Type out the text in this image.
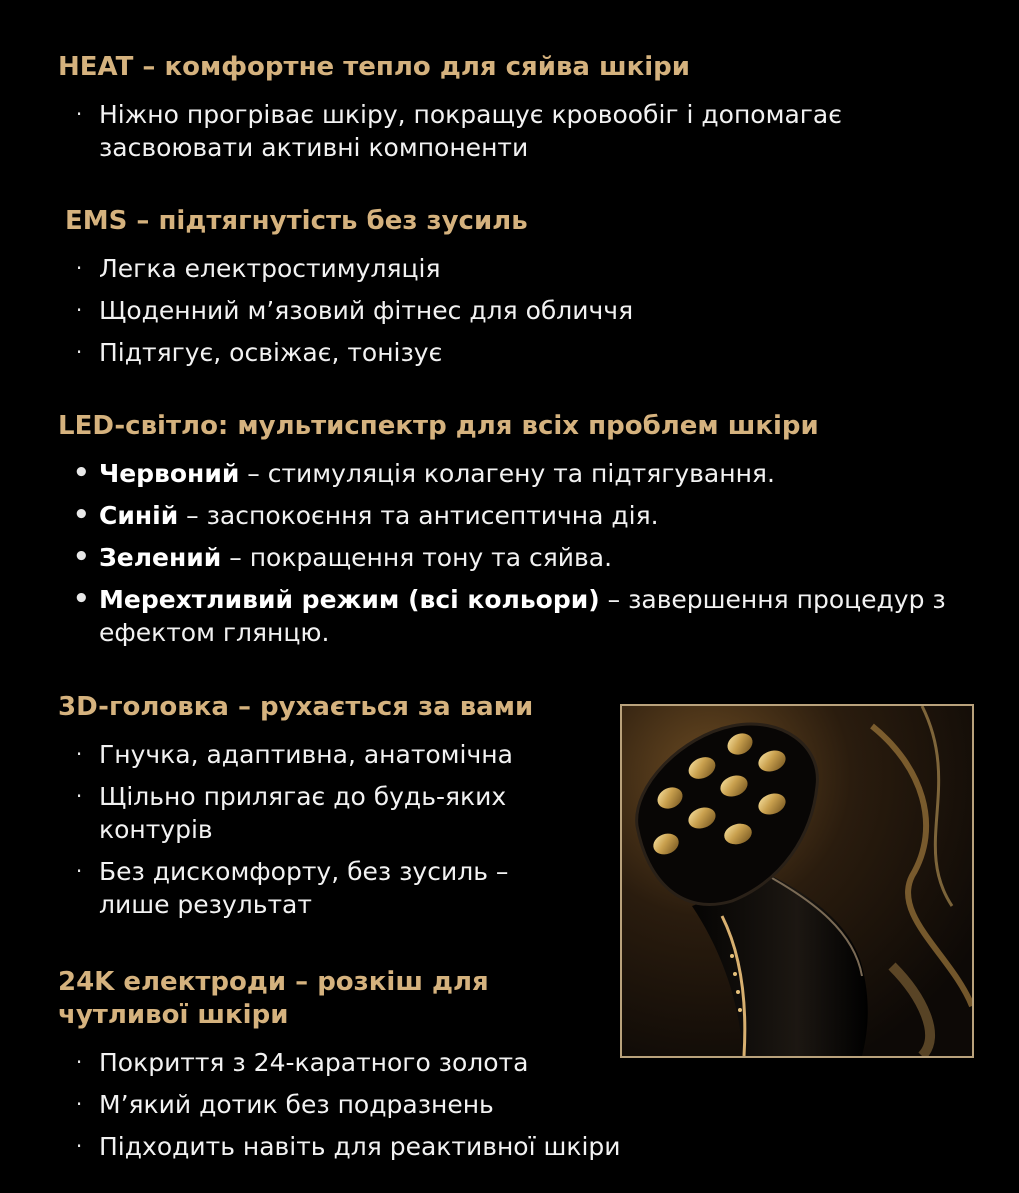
HEAT – комфортне тепло для сяйва шкіри
· Ніжно прогріває шкіру, покращує кровообіг і допомагає засвоювати активні компоненти
EMS – підтягнутість без зусиль
· Легка електростимуляція
· Щоденний м’язовий фітнес для обличчя
· Підтягує, освіжає, тонізує
LED-світло: мультиспектр для всіх проблем шкіри
• Червоний – стимуляція колагену та підтягування.
• Синій – заспокоєння та антисептична дія.
• Зелений – покращення тону та сяйва.
• Мерехтливий режим (всі кольори) – завершення процедур з ефектом глянцю.
3D-головка – рухається за вами
· Гнучка, адаптивна, анатомічна
· Щільно прилягає до будь-яких контурів
· Без дискомфорту, без зусиль – лише результат
24K електроди – розкіш для чутливої шкіри
· Покриття з 24-каратного золота
· М’який дотик без подразнень
· Підходить навіть для реактивної шкіри
